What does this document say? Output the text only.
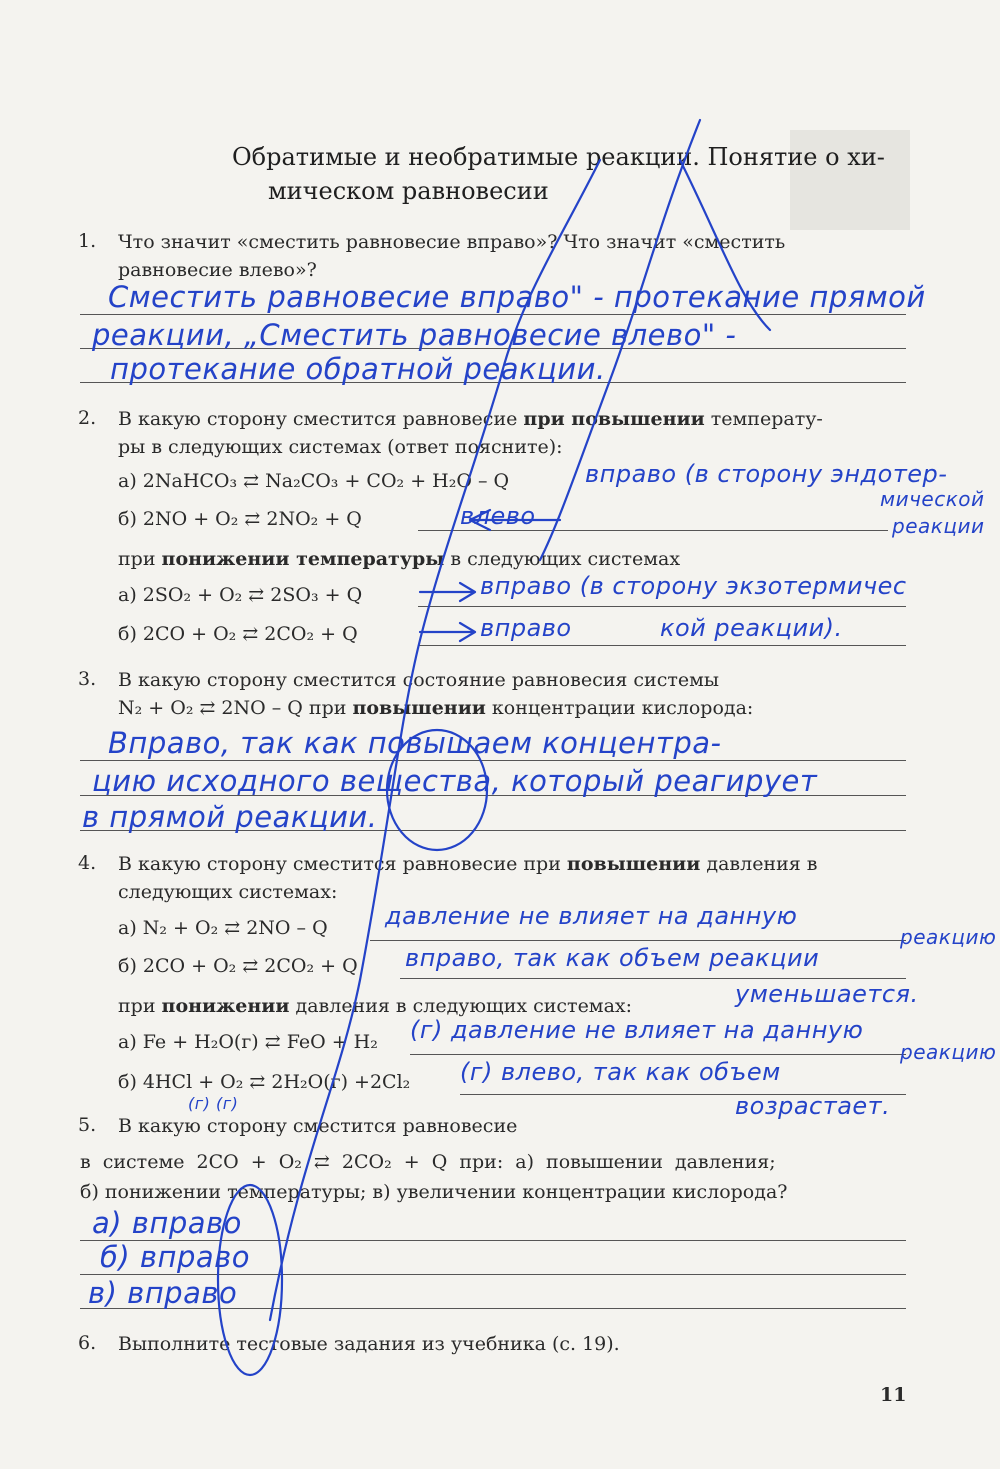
Обратимые и необратимые реакции. Понятие о хи-
мическом равновесии
1. Что значит «сместить равновесие вправо»? Что значит «сместить
равновесие влево»?
Сместить равновесие вправо" - протекание прямой
реакции, „Сместить равновесие влево" -
протекание обратной реакции.
2. В какую сторону сместится равновесие при повышении температу-
ры в следующих системах (ответ поясните):
а) 2NaHCO₃ ⇄ Na₂CO₃ + CO₂ + H₂O – Q	вправо (в сторону эндотер-
мической
реакции
б) 2NO + O₂ ⇄ 2NO₂ + Q	влево
при понижении температуры в следующих системах
а) 2SO₂ + O₂ ⇄ 2SO₃ + Q	вправо (в сторону экзотермичес
б) 2CO + O₂ ⇄ 2CO₂ + Q	вправо	кой реакции).
3. В какую сторону сместится состояние равновесия системы
N₂ + O₂ ⇄ 2NO – Q при повышении концентрации кислорода:
Вправо, так как повышаем концентра-
цию исходного вещества, который реагирует
в прямой реакции.
4. В какую сторону сместится равновесие при повышении давления в
следующих системах:
а) N₂ + O₂ ⇄ 2NO – Q давление не влияет на данную
реакцию
б) 2CO + O₂ ⇄ 2CO₂ + Q вправо, так как объем реакции
уменьшается.
при понижении давления в следующих системах:
а) Fe + H₂O(г) ⇄ FeO + H₂ (г) давление не влияет на данную
реакцию
б) 4HCl + O₂ ⇄ 2H₂O(г) +2Cl₂ (г) влево, так как объем
возрастает.
(г) (г)
5. В какую сторону сместится равновесие
в системе 2CO + O₂ ⇄ 2CO₂ + Q при: а) повышении давления;
б) понижении температуры; в) увеличении концентрации кислорода?
а) вправо
б) вправо
в) вправо
6. Выполните тестовые задания из учебника (с. 19).
11
